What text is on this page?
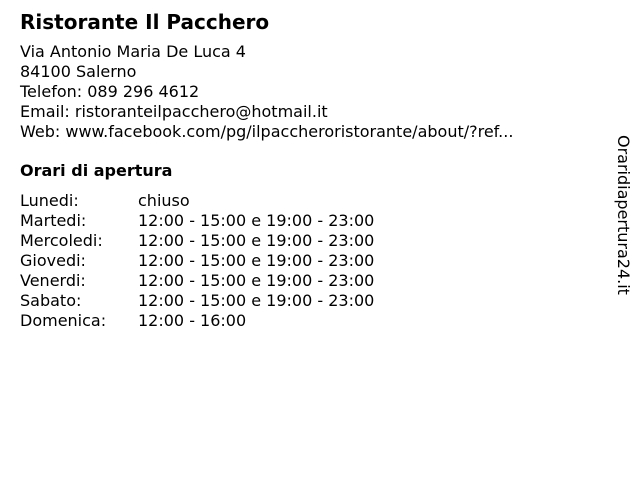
Ristorante Il Pacchero
Via Antonio Maria De Luca 4
84100 Salerno
Telefon: 089 296 4612
Email: ristoranteilpacchero@hotmail.it
Web: www.facebook.com/pg/ilpaccheroristorante/about/?ref...
Orari di apertura
Lunedi:	chiuso
Martedi:	12:00 - 15:00 e 19:00 - 23:00
Mercoledi:	12:00 - 15:00 e 19:00 - 23:00
Giovedi:	12:00 - 15:00 e 19:00 - 23:00
Venerdi:	12:00 - 15:00 e 19:00 - 23:00
Sabato:	12:00 - 15:00 e 19:00 - 23:00
Domenica:	12:00 - 16:00
Oraridiapertura24.it
